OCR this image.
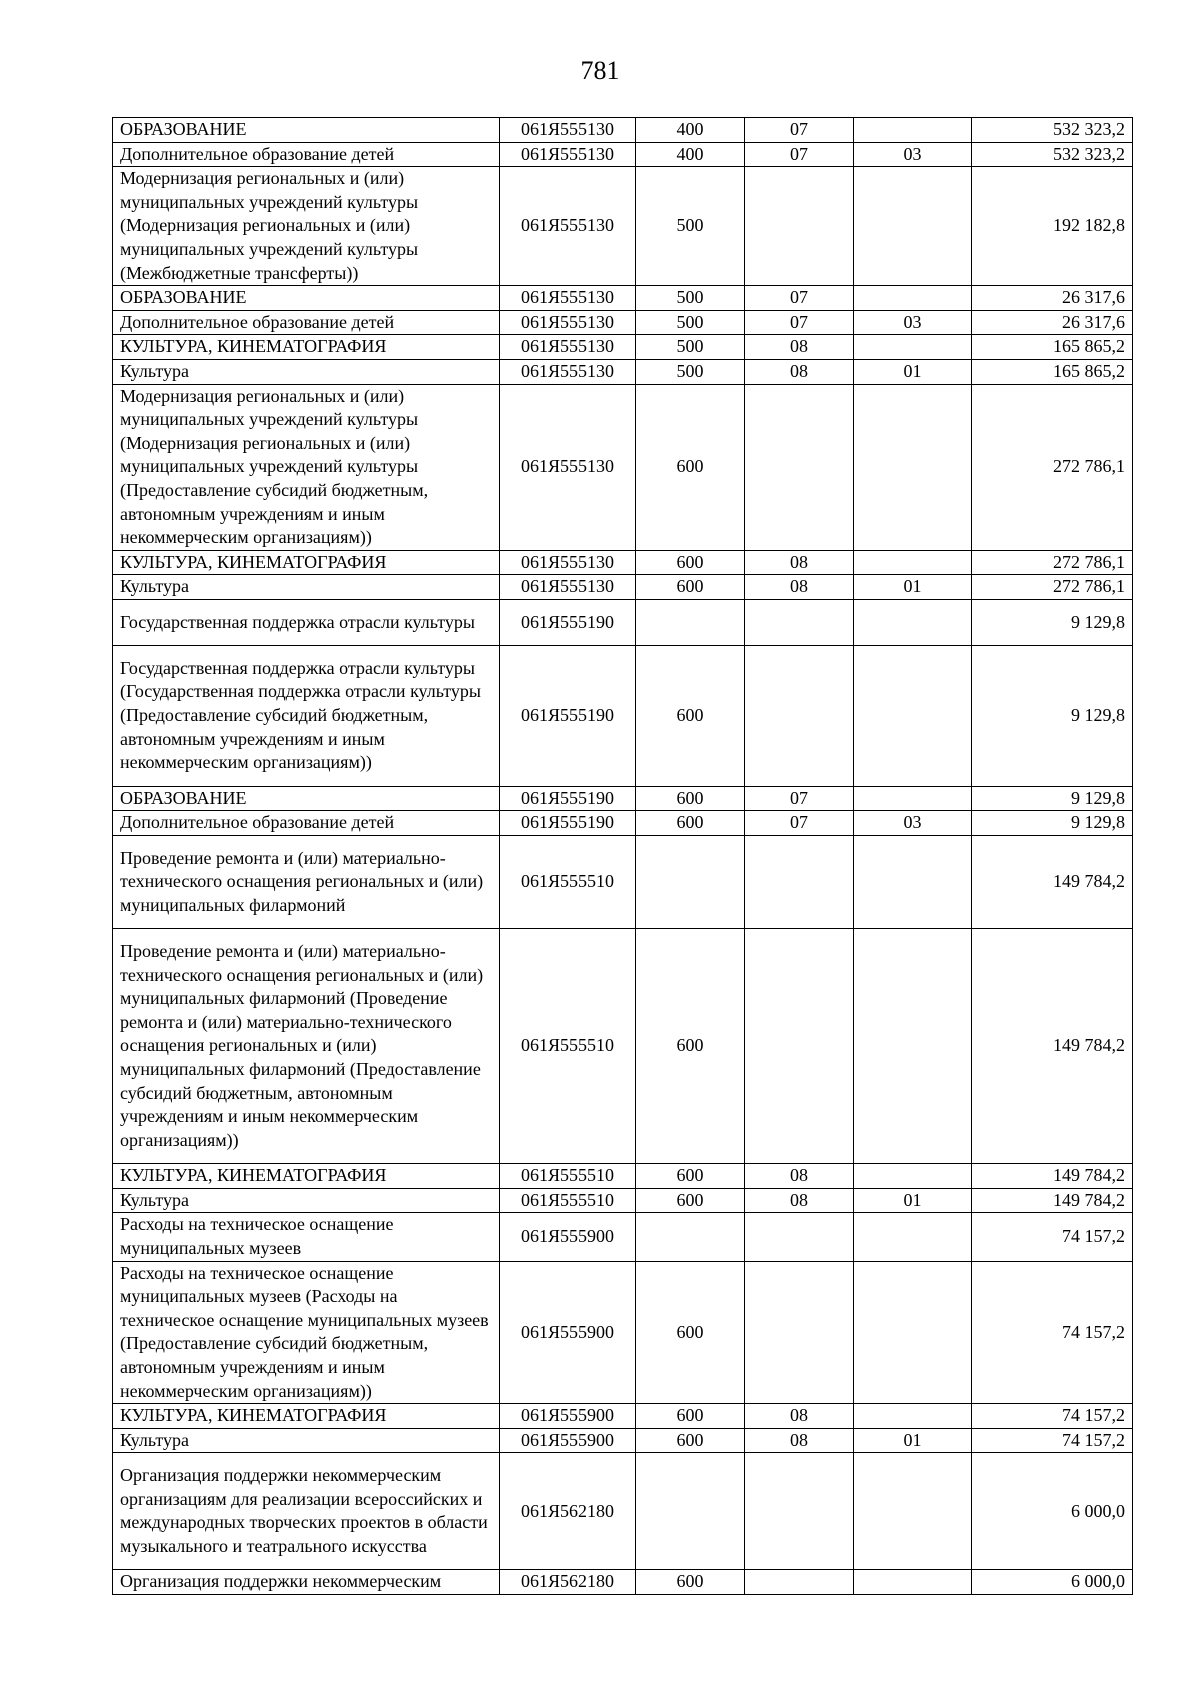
781
ОБРАЗОВАНИЕ	061Я555130	400	07		532 323,2
Дополнительное образование детей	061Я555130	400	07	03	532 323,2
Модернизация региональных и (или) муниципальных учреждений культуры (Модернизация региональных и (или) муниципальных учреждений культуры (Межбюджетные трансферты))	061Я555130	500			192 182,8
ОБРАЗОВАНИЕ	061Я555130	500	07		26 317,6
Дополнительное образование детей	061Я555130	500	07	03	26 317,6
КУЛЬТУРА, КИНЕМАТОГРАФИЯ	061Я555130	500	08		165 865,2
Культура	061Я555130	500	08	01	165 865,2
Модернизация региональных и (или) муниципальных учреждений культуры (Модернизация региональных и (или) муниципальных учреждений культуры (Предоставление субсидий бюджетным, автономным учреждениям и иным некоммерческим организациям))	061Я555130	600			272 786,1
КУЛЬТУРА, КИНЕМАТОГРАФИЯ	061Я555130	600	08		272 786,1
Культура	061Я555130	600	08	01	272 786,1
Государственная поддержка отрасли культуры	061Я555190				9 129,8
Государственная поддержка отрасли культуры (Государственная поддержка отрасли культуры (Предоставление субсидий бюджетным, автономным учреждениям и иным некоммерческим организациям))	061Я555190	600			9 129,8
ОБРАЗОВАНИЕ	061Я555190	600	07		9 129,8
Дополнительное образование детей	061Я555190	600	07	03	9 129,8
Проведение ремонта и (или) материально-технического оснащения региональных и (или) муниципальных филармоний	061Я555510				149 784,2
Проведение ремонта и (или) материально-технического оснащения региональных и (или) муниципальных филармоний (Проведение ремонта и (или) материально-технического оснащения региональных и (или) муниципальных филармоний (Предоставление субсидий бюджетным, автономным учреждениям и иным некоммерческим организациям))	061Я555510	600			149 784,2
КУЛЬТУРА, КИНЕМАТОГРАФИЯ	061Я555510	600	08		149 784,2
Культура	061Я555510	600	08	01	149 784,2
Расходы на техническое оснащение муниципальных музеев	061Я555900				74 157,2
Расходы на техническое оснащение муниципальных музеев (Расходы на техническое оснащение муниципальных музеев (Предоставление субсидий бюджетным, автономным учреждениям и иным некоммерческим организациям))	061Я555900	600			74 157,2
КУЛЬТУРА, КИНЕМАТОГРАФИЯ	061Я555900	600	08		74 157,2
Культура	061Я555900	600	08	01	74 157,2
Организация поддержки некоммерческим организациям для реализации всероссийских и международных творческих проектов в области музыкального и театрального искусства	061Я562180				6 000,0
Организация поддержки некоммерческим	061Я562180	600			6 000,0
